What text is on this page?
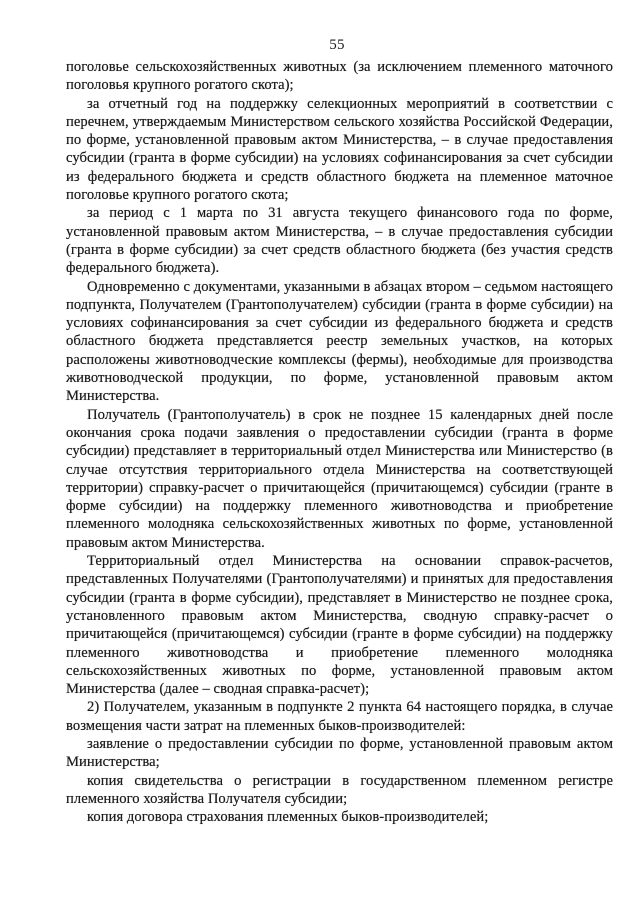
55

поголовье сельскохозяйственных животных (за исключением племенного маточного поголовья крупного рогатого скота);

за отчетный год на поддержку селекционных мероприятий в соответствии с перечнем, утверждаемым Министерством сельского хозяйства Российской Федерации, по форме, установленной правовым актом Министерства, – в случае предоставления субсидии (гранта в форме субсидии) на условиях софинансирования за счет субсидии из федерального бюджета и средств областного бюджета на племенное маточное поголовье крупного рогатого скота;

за период с 1 марта по 31 августа текущего финансового года по форме, установленной правовым актом Министерства, – в случае предоставления субсидии (гранта в форме субсидии) за счет средств областного бюджета (без участия средств федерального бюджета).

Одновременно с документами, указанными в абзацах втором – седьмом настоящего подпункта, Получателем (Грантополучателем) субсидии (гранта в форме субсидии) на условиях софинансирования за счет субсидии из федерального бюджета и средств областного бюджета представляется реестр земельных участков, на которых расположены животноводческие комплексы (фермы), необходимые для производства животноводческой продукции, по форме, установленной правовым актом Министерства.

Получатель (Грантополучатель) в срок не позднее 15 календарных дней после окончания срока подачи заявления о предоставлении субсидии (гранта в форме субсидии) представляет в территориальный отдел Министерства или Министерство (в случае отсутствия территориального отдела Министерства на соответствующей территории) справку-расчет о причитающейся (причитающемся) субсидии (гранте в форме субсидии) на поддержку племенного животноводства и приобретение племенного молодняка сельскохозяйственных животных по форме, установленной правовым актом Министерства.

Территориальный отдел Министерства на основании справок-расчетов, представленных Получателями (Грантополучателями) и принятых для предоставления субсидии (гранта в форме субсидии), представляет в Министерство не позднее срока, установленного правовым актом Министерства, сводную справку-расчет о причитающейся (причитающемся) субсидии (гранте в форме субсидии) на поддержку племенного животноводства и приобретение племенного молодняка сельскохозяйственных животных по форме, установленной правовым актом Министерства (далее – сводная справка-расчет);

2) Получателем, указанным в подпункте 2 пункта 64 настоящего порядка, в случае возмещения части затрат на племенных быков-производителей:

заявление о предоставлении субсидии по форме, установленной правовым актом Министерства;

копия свидетельства о регистрации в государственном племенном регистре племенного хозяйства Получателя субсидии;

копия договора страхования племенных быков-производителей;
